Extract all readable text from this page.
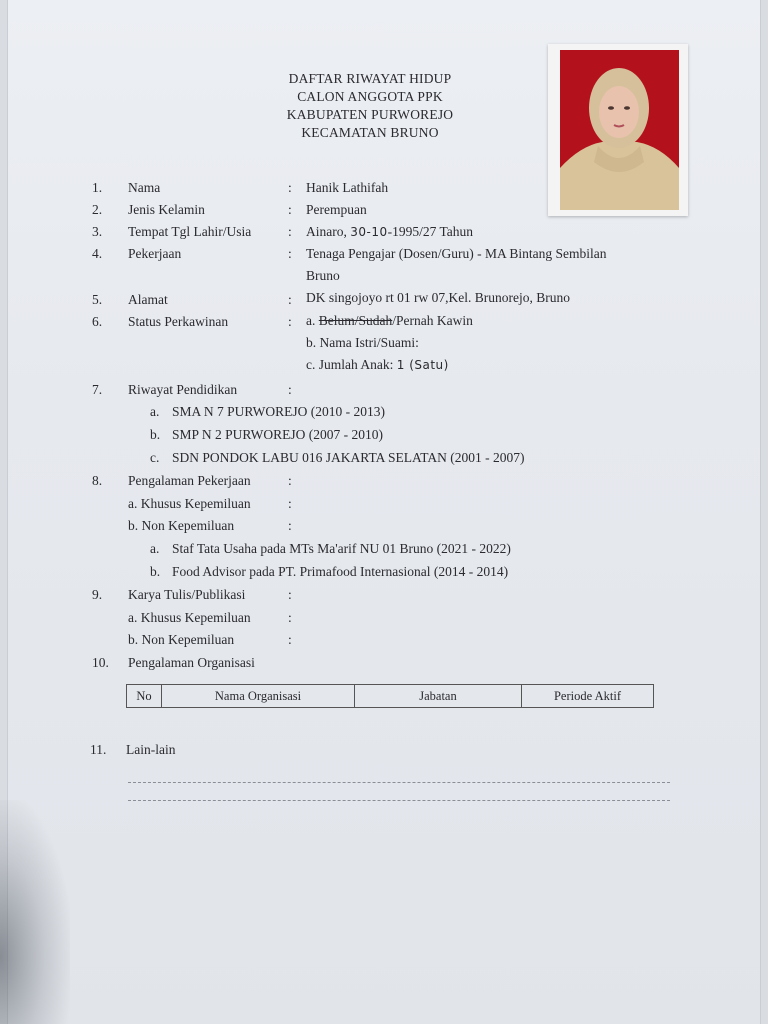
DAFTAR RIWAYAT HIDUP
CALON ANGGOTA PPK
KABUPATEN PURWOREJO
KECAMATAN BRUNO
1. Nama	: Hanik Lathifah
2. Jenis Kelamin	: Perempuan
3. Tempat Tgl Lahir/Usia	: Ainaro, 30-10-1995/27 Tahun
4. Pekerjaan	: Tenaga Pengajar (Dosen/Guru) - MA Bintang Sembilan
Bruno
5. Alamat	: DK singojoyo rt 01 rw 07,Kel. Brunorejo, Bruno
6. Status Perkawinan	: a. Belum/Sudah/Pernah Kawin
b. Nama Istri/Suami:
c. Jumlah Anak: 1 (Satu)
7. Riwayat Pendidikan	:
a. SMA N 7 PURWOREJO (2010 - 2013)
b. SMP N 2 PURWOREJO (2007 - 2010)
c. SDN PONDOK LABU 016 JAKARTA SELATAN (2001 - 2007)
8. Pengalaman Pekerjaan	:
a. Khusus Kepemiluan	:
b. Non Kepemiluan	:
a. Staf Tata Usaha pada MTs Ma'arif NU 01 Bruno (2021 - 2022)
b. Food Advisor pada PT. Primafood Internasional (2014 - 2014)
9. Karya Tulis/Publikasi	:
a. Khusus Kepemiluan	:
b. Non Kepemiluan	:
10. Pengalaman Organisasi
No	Nama Organisasi	Jabatan	Periode Aktif
11. Lain-lain
